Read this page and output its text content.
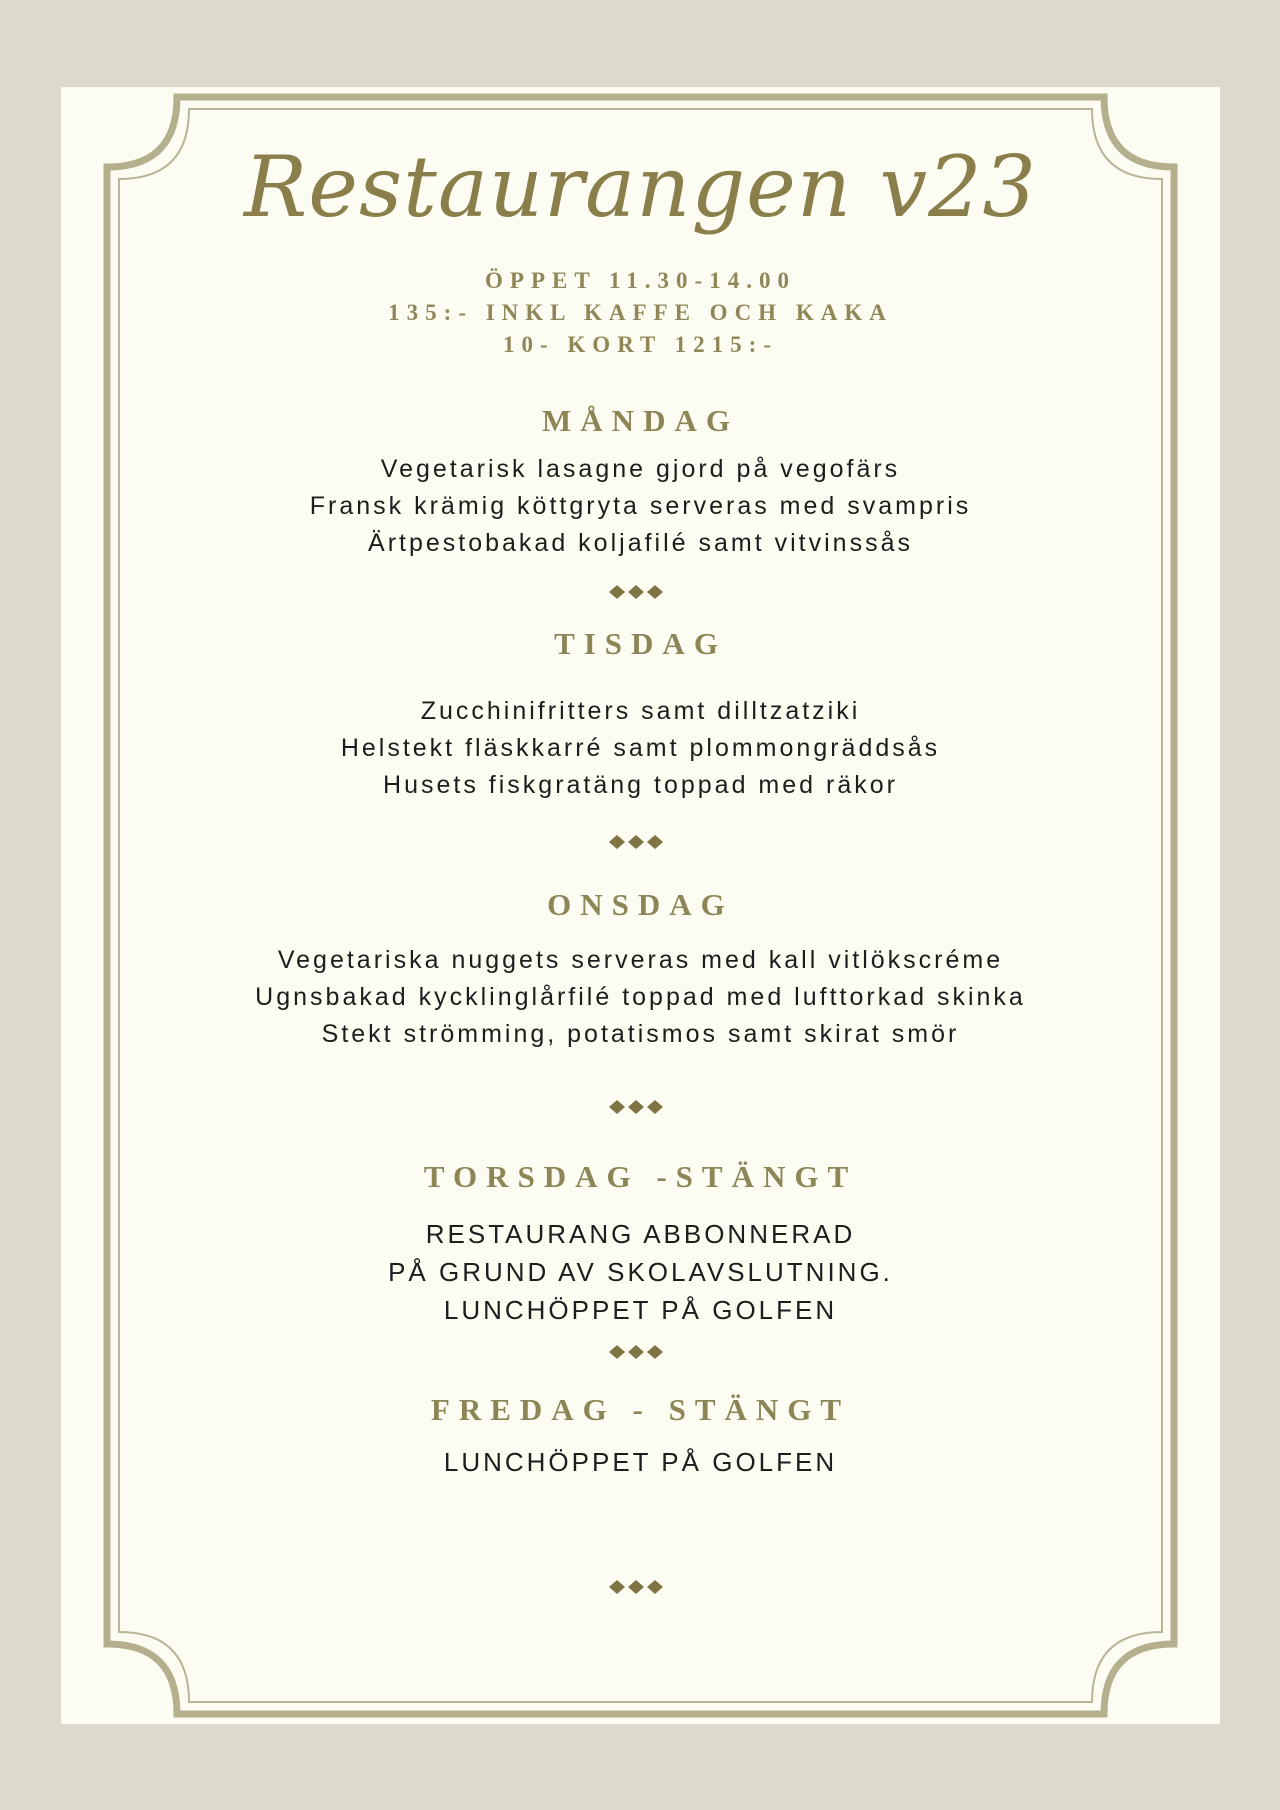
Restaurangen v23
ÖPPET 11.30-14.00
135:- INKL KAFFE OCH KAKA
10- KORT 1215:-
MÅNDAG
Vegetarisk lasagne gjord på vegofärs
Fransk krämig köttgryta serveras med svampris
Ärtpestobakad koljafilé samt vitvinssås
TISDAG
Zucchinifritters samt dilltzatziki
Helstekt fläskkarré samt plommongräddsås
Husets fiskgratäng toppad med räkor
ONSDAG
Vegetariska nuggets serveras med kall vitlökscréme
Ugnsbakad kycklinglårfilé toppad med lufttorkad skinka
Stekt strömming, potatismos samt skirat smör
TORSDAG -STÄNGT
RESTAURANG ABBONNERAD
PÅ GRUND AV SKOLAVSLUTNING.
LUNCHÖPPET PÅ GOLFEN
FREDAG - STÄNGT
LUNCHÖPPET PÅ GOLFEN
